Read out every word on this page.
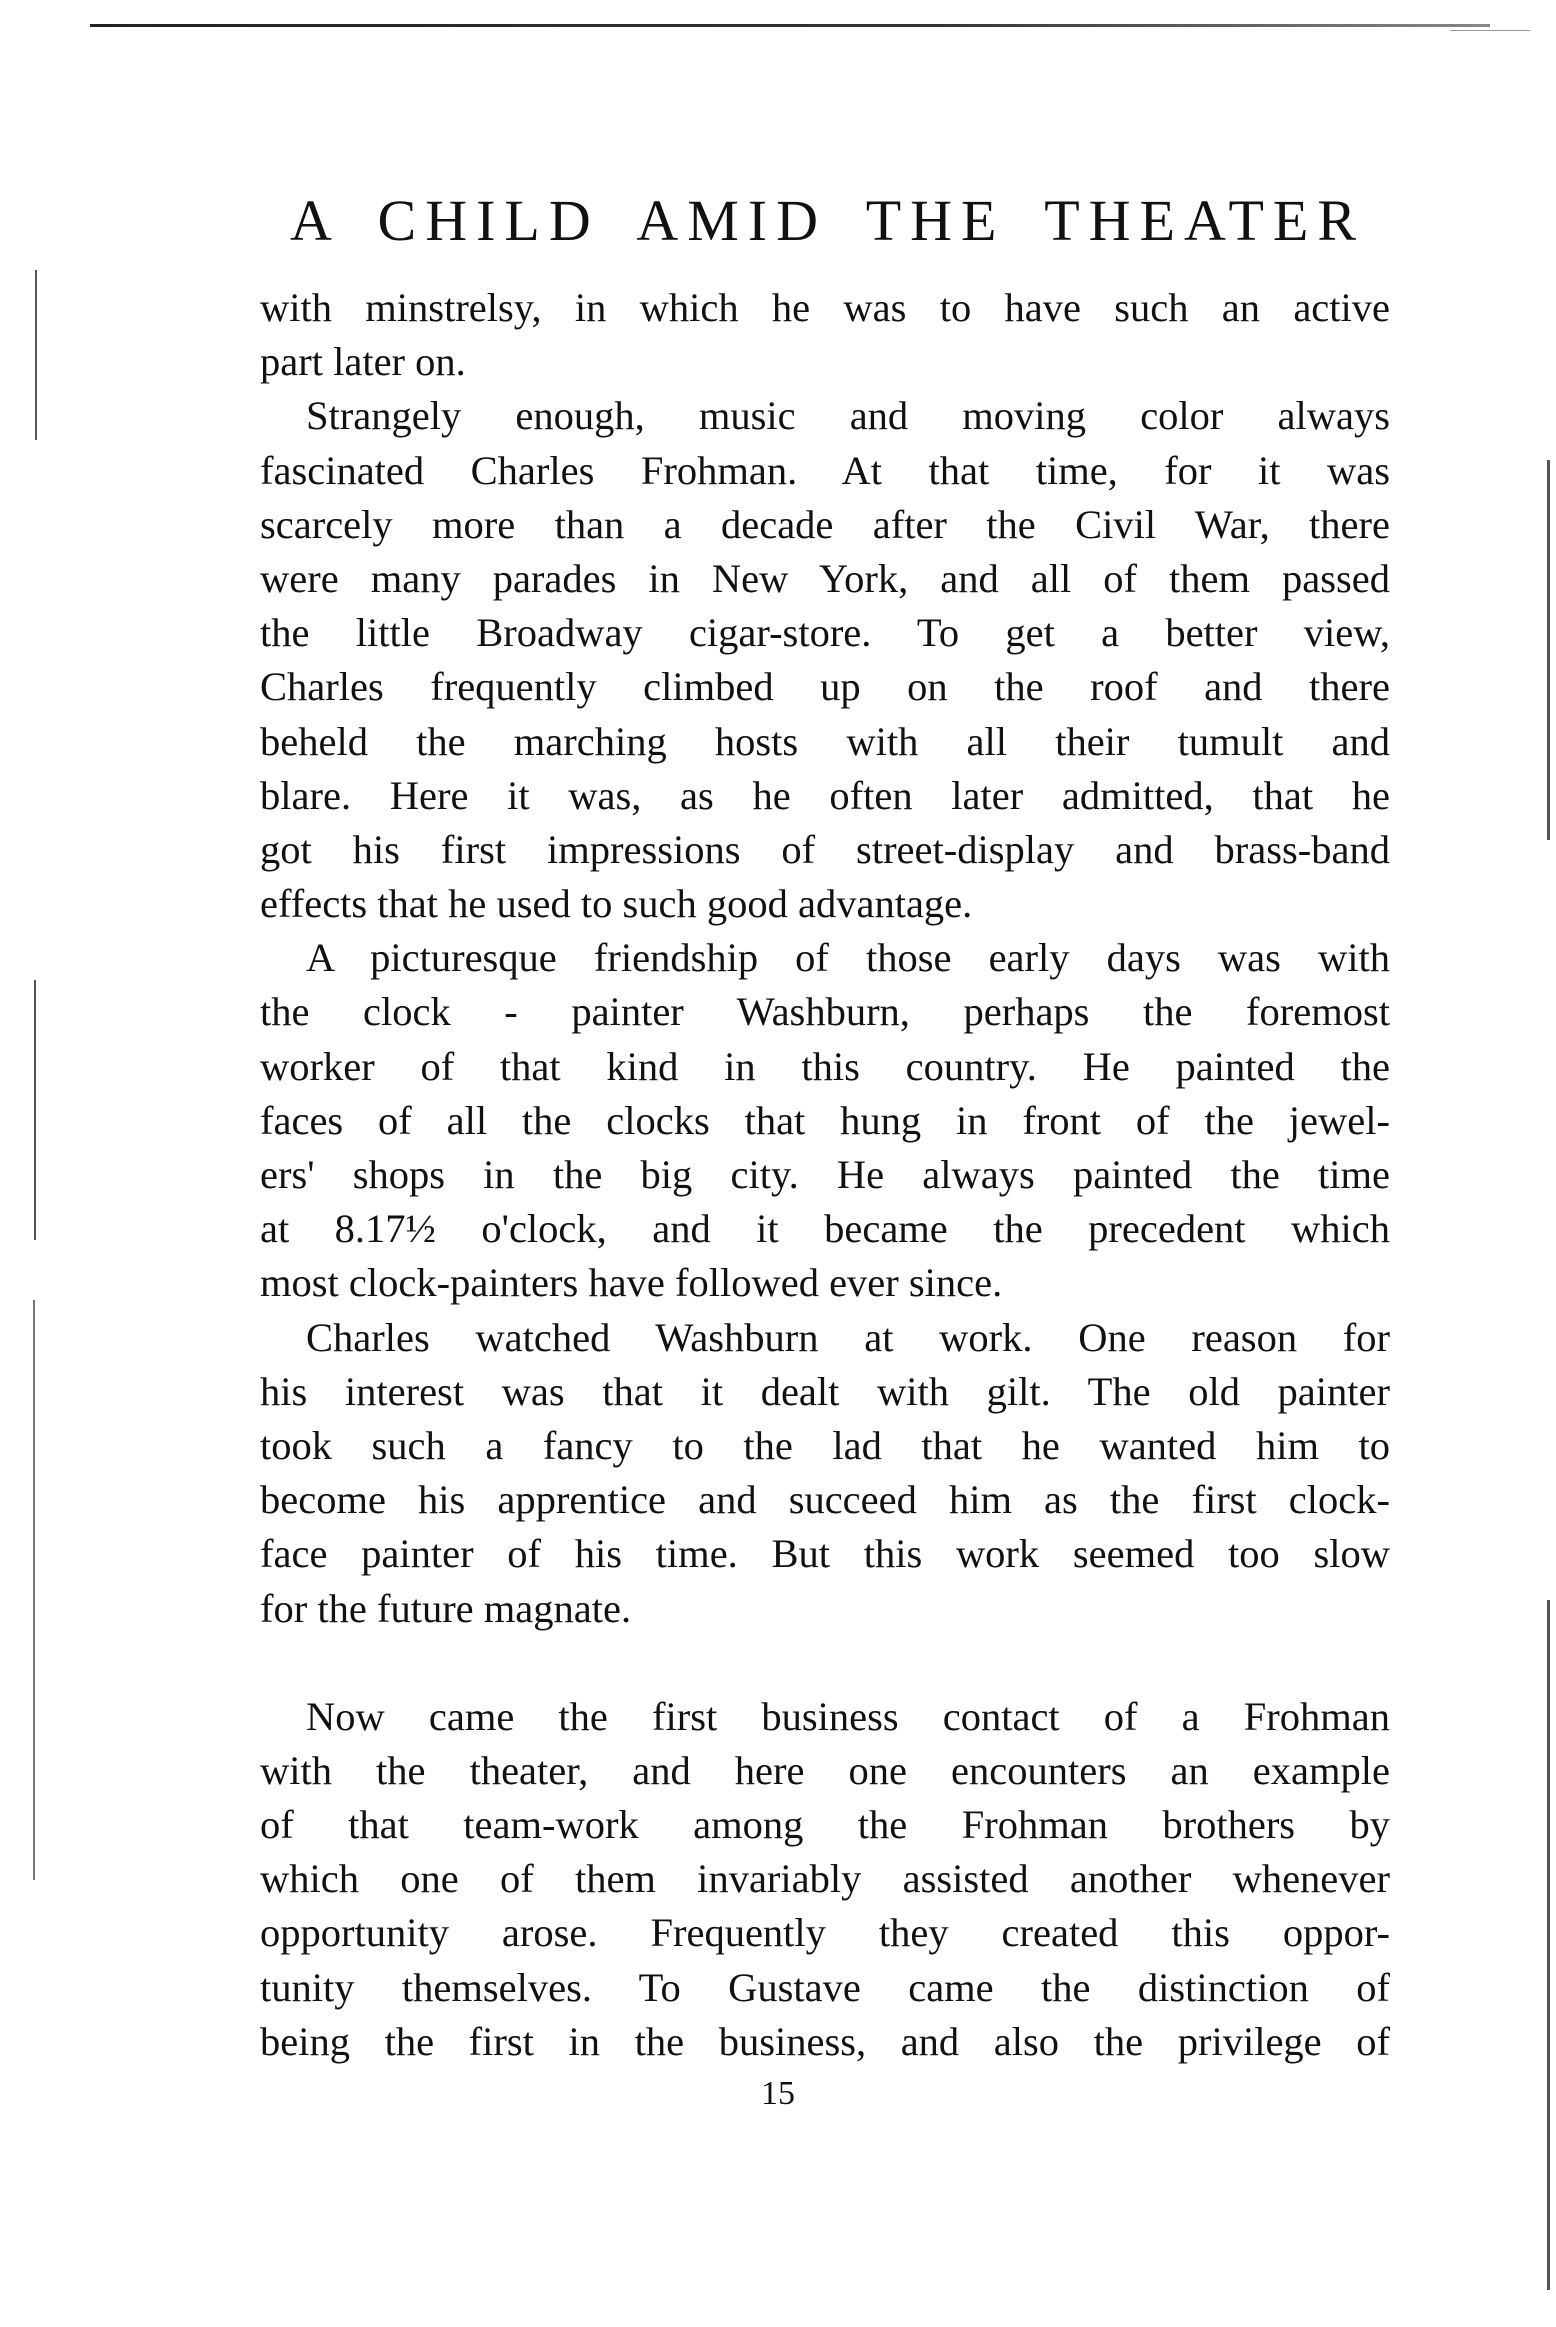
A CHILD AMID THE THEATER
with minstrelsy, in which he was to have such an active
part later on.
Strangely enough, music and moving color always
fascinated Charles Frohman. At that time, for it was
scarcely more than a decade after the Civil War, there
were many parades in New York, and all of them passed
the little Broadway cigar-store. To get a better view,
Charles frequently climbed up on the roof and there
beheld the marching hosts with all their tumult and
blare. Here it was, as he often later admitted, that he
got his first impressions of street-display and brass-band
effects that he used to such good advantage.
A picturesque friendship of those early days was with
the clock - painter Washburn, perhaps the foremost
worker of that kind in this country. He painted the
faces of all the clocks that hung in front of the jewel-
ers' shops in the big city. He always painted the time
at 8.17½ o'clock, and it became the precedent which
most clock-painters have followed ever since.
Charles watched Washburn at work. One reason for
his interest was that it dealt with gilt. The old painter
took such a fancy to the lad that he wanted him to
become his apprentice and succeed him as the first clock-
face painter of his time. But this work seemed too slow
for the future magnate.
Now came the first business contact of a Frohman
with the theater, and here one encounters an example
of that team-work among the Frohman brothers by
which one of them invariably assisted another whenever
opportunity arose. Frequently they created this oppor-
tunity themselves. To Gustave came the distinction of
being the first in the business, and also the privilege of
15
